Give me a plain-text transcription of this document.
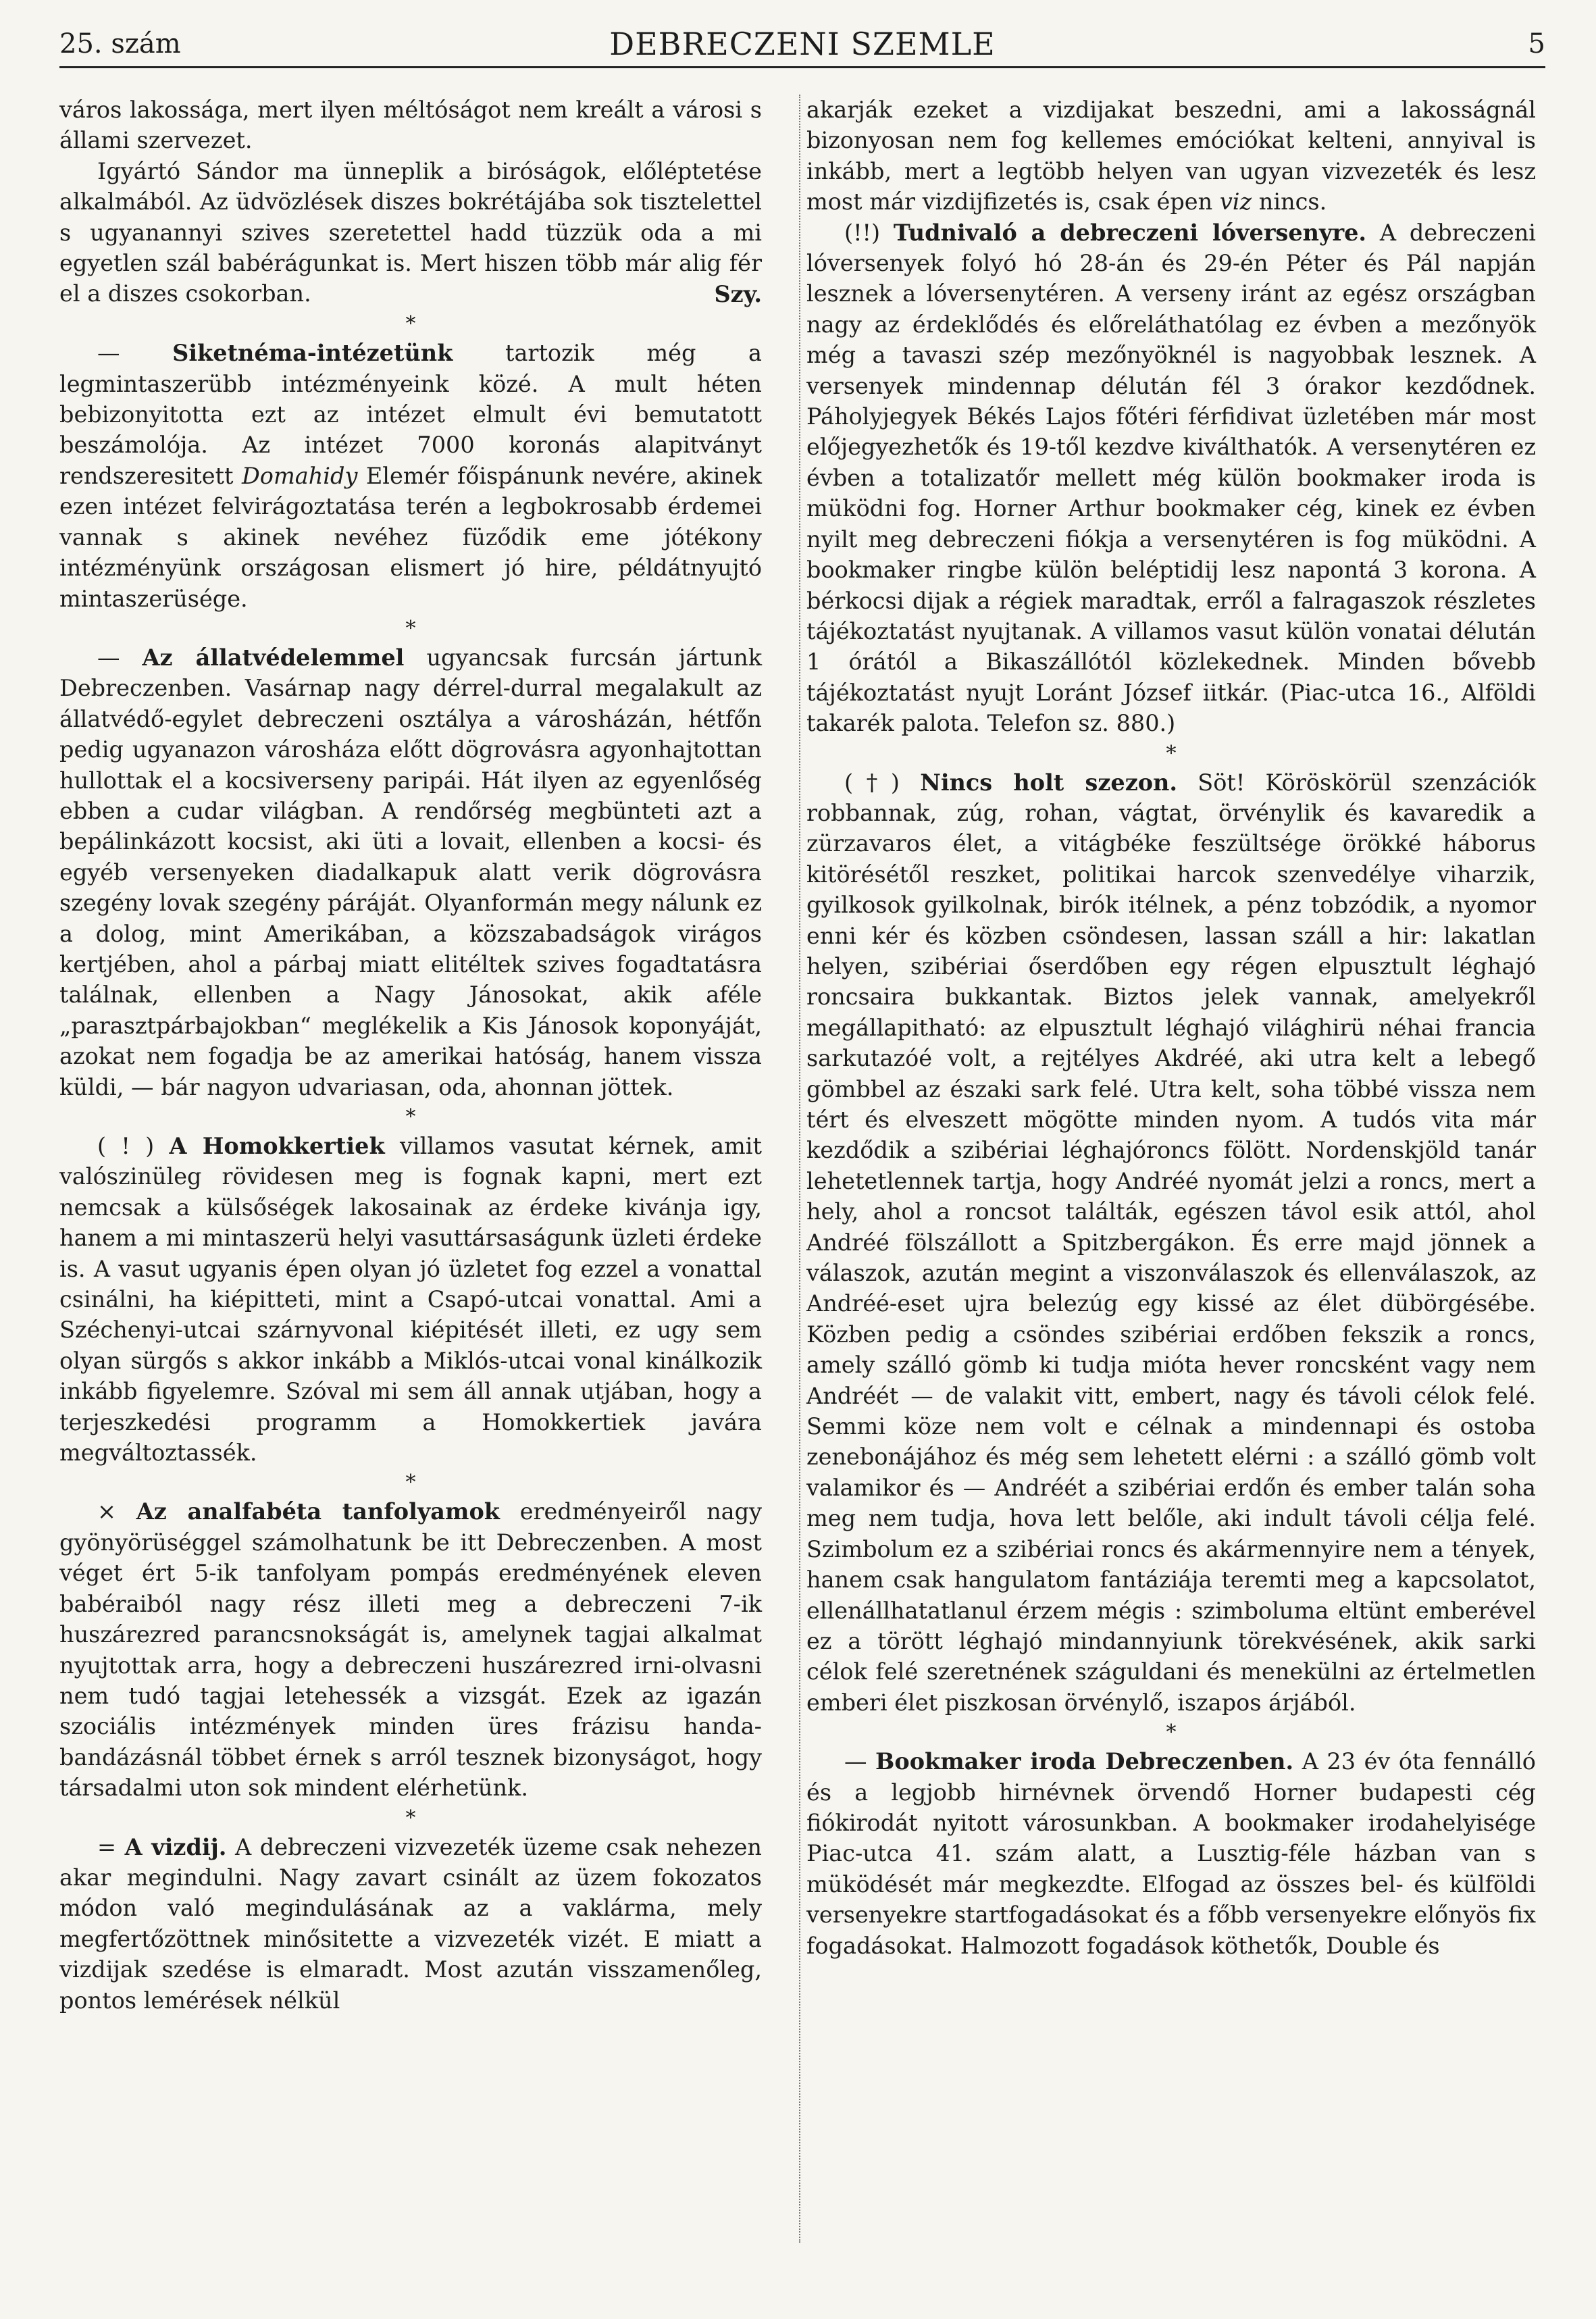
25. szám	DEBRECZENI SZEMLE	5

város lakossága, mert ilyen méltóságot nem kreált a városi s állami szervezet.

Igyártó Sándor ma ünneplik a biróságok, előléptetése alkalmából. Az üdvözlések diszes bokrétájába sok tisztelettel s ugyanannyi szives szeretettel hadd tüzzük oda a mi egyetlen szál babérágunkat is. Mert hiszen több már alig fér el a diszes csokorban.	Szy.
*

— Siketnéma-intézetünk tartozik még a legmintaszerübb intézményeink közé. A mult héten bebizonyitotta ezt az intézet elmult évi bemutatott beszámolója. Az intézet 7000 koronás alapitványt rendszeresitett Domahidy Elemér főispánunk nevére, akinek ezen intézet felvirágoztatása terén a legbokrosabb érdemei vannak s akinek nevéhez füződik eme jótékony intézményünk országosan elismert jó hire, példátnyujtó mintaszerüsége.

*

— Az állatvédelemmel ugyancsak furcsán jártunk Debreczenben. Vasárnap nagy dérrel-durral megalakult az állatvédő-egylet debreczeni osztálya a városházán, hétfőn pedig ugyanazon városháza előtt dögrovásra agyonhajtottan hullottak el a kocsiverseny paripái. Hát ilyen az egyenlőség ebben a cudar világban. A rendőrség megbünteti azt a bepálinkázott kocsist, aki üti a lovait, ellenben a kocsi- és egyéb versenyeken diadalkapuk alatt verik dögrovásra szegény lovak szegény páráját. Olyanformán megy nálunk ez a dolog, mint Amerikában, a közszabadságok virágos kertjében, ahol a párbaj miatt elitéltek szives fogadtatásra találnak, ellenben a Nagy Jánosokat, akik aféle „parasztpárbajokban“ meglékelik a Kis Jánosok koponyáját, azokat nem fogadja be az amerikai hatóság, hanem vissza küldi, — bár nagyon udvariasan, oda, ahonnan jöttek.

*

( ! ) A Homokkertiek villamos vasutat kérnek, amit valószinüleg rövidesen meg is fognak kapni, mert ezt nemcsak a külsőségek lakosainak az érdeke kivánja igy, hanem a mi mintaszerü helyi vasuttársaságunk üzleti érdeke is. A vasut ugyanis épen olyan jó üzletet fog ezzel a vonattal csinálni, ha kiépitteti, mint a Csapó-utcai vonattal. Ami a Széchenyi-utcai szárnyvonal kiépitését illeti, ez ugy sem olyan sürgős s akkor inkább a Miklós-utcai vonal kinálkozik inkább figyelemre. Szóval mi sem áll annak utjában, hogy a terjeszkedési programm a Homokkertiek javára megváltoztassék.

*

× Az analfabéta tanfolyamok eredményeiről nagy gyönyörüséggel számolhatunk be itt Debreczenben. A most véget ért 5-ik tanfolyam pompás eredményének eleven babéraiból nagy rész illeti meg a debreczeni 7-ik huszárezred parancsnokságát is, amelynek tagjai alkalmat nyujtottak arra, hogy a debreczeni huszárezred irni-olvasni nem tudó tagjai letehessék a vizsgát. Ezek az igazán szociális intézmények minden üres frázisu handa-bandázásnál többet érnek s arról tesznek bizonyságot, hogy társadalmi uton sok mindent elérhetünk.

*

= A vizdij. A debreczeni vizvezeték üzeme csak nehezen akar megindulni. Nagy zavart csinált az üzem fokozatos módon való megindulásának az a vaklárma, mely megfertőzöttnek minősitette a vizvezeték vizét. E miatt a vizdijak szedése is elmaradt. Most azután visszamenőleg, pontos lemérések nélkül

akarják ezeket a vizdijakat beszedni, ami a lakosságnál bizonyosan nem fog kellemes emóciókat kelteni, annyival is inkább, mert a legtöbb helyen van ugyan vizvezeték és lesz most már vizdijfizetés is, csak épen viz nincs.

(!!) Tudnivaló a debreczeni lóversenyre. A debreczeni lóversenyek folyó hó 28-án és 29-én Péter és Pál napján lesznek a lóversenytéren. A verseny iránt az egész országban nagy az érdeklődés és előreláthatólag ez évben a mezőnyök még a tavaszi szép mezőnyöknél is nagyobbak lesznek. A versenyek mindennap délután fél 3 órakor kezdődnek. Páholyjegyek Békés Lajos főtéri férfidivat üzletében már most előjegyezhetők és 19-től kezdve kiválthatók. A versenytéren ez évben a totalizatőr mellett még külön bookmaker iroda is müködni fog. Horner Arthur bookmaker cég, kinek ez évben nyilt meg debreczeni fiókja a versenytéren is fog müködni. A bookmaker ringbe külön beléptidij lesz napontá 3 korona. A bérkocsi dijak a régiek maradtak, erről a falragaszok részletes tájékoztatást nyujtanak. A villamos vasut külön vonatai délután 1 órától a Bikaszállótól közlekednek. Minden bővebb tájékoztatást nyujt Loránt József iitkár. (Piac-utca 16., Alföldi takarék palota. Telefon sz. 880.)

*

(†) Nincs holt szezon. Söt! Köröskörül szenzációk robbannak, zúg, rohan, vágtat, örvénylik és kavaredik a zürzavaros élet, a vitágbéke feszültsége örökké háborus kitörésétől reszket, politikai harcok szenvedélye viharzik, gyilkosok gyilkolnak, birók itélnek, a pénz tobzódik, a nyomor enni kér és közben csöndesen, lassan száll a hir: lakatlan helyen, szibériai őserdőben egy régen elpusztult léghajó roncsaira bukkantak. Biztos jelek vannak, amelyekről megállapitható: az elpusztult léghajó világhirü néhai francia sarkutazóé volt, a rejtélyes Akdréé, aki utra kelt a lebegő gömbbel az északi sark felé. Utra kelt, soha többé vissza nem tért és elveszett mögötte minden nyom. A tudós vita már kezdődik a szibériai léghajóroncs fölött. Nordenskjöld tanár lehetetlennek tartja, hogy Andréé nyomát jelzi a roncs, mert a hely, ahol a roncsot találták, egészen távol esik attól, ahol Andréé fölszállott a Spitzbergákon. És erre majd jönnek a válaszok, azután megint a viszonválaszok és ellenválaszok, az Andréé-eset ujra belezúg egy kissé az élet dübörgésébe. Közben pedig a csöndes szibériai erdőben fekszik a roncs, amely szálló gömb ki tudja mióta hever roncsként vagy nem Andréét — de valakit vitt, embert, nagy és távoli célok felé. Semmi köze nem volt e célnak a mindennapi és ostoba zenebonájához és még sem lehetett elérni : a szálló gömb volt valamikor és — Andréét a szibériai erdőn és ember talán soha meg nem tudja, hova lett belőle, aki indult távoli célja felé. Szimbolum ez a szibériai roncs és akármennyire nem a tények, hanem csak hangulatom fantáziája teremti meg a kapcsolatot, ellenállhatatlanul érzem mégis : szimboluma eltünt emberével ez a törött léghajó mindannyiunk törekvésének, akik sarki célok felé szeretnének száguldani és menekülni az értelmetlen emberi élet piszkosan örvénylő, iszapos árjából.

*

— Bookmaker iroda Debreczenben. A 23 év óta fennálló és a legjobb hirnévnek örvendő Horner budapesti cég fiókirodát nyitott városunkban. A bookmaker irodahelyisége Piac-utca 41. szám alatt, a Lusztig-féle házban van s müködését már megkezdte. Elfogad az összes bel- és külföldi versenyekre startfogadásokat és a főbb versenyekre előnyös fix fogadásokat. Halmozott fogadások köthetők, Double és
